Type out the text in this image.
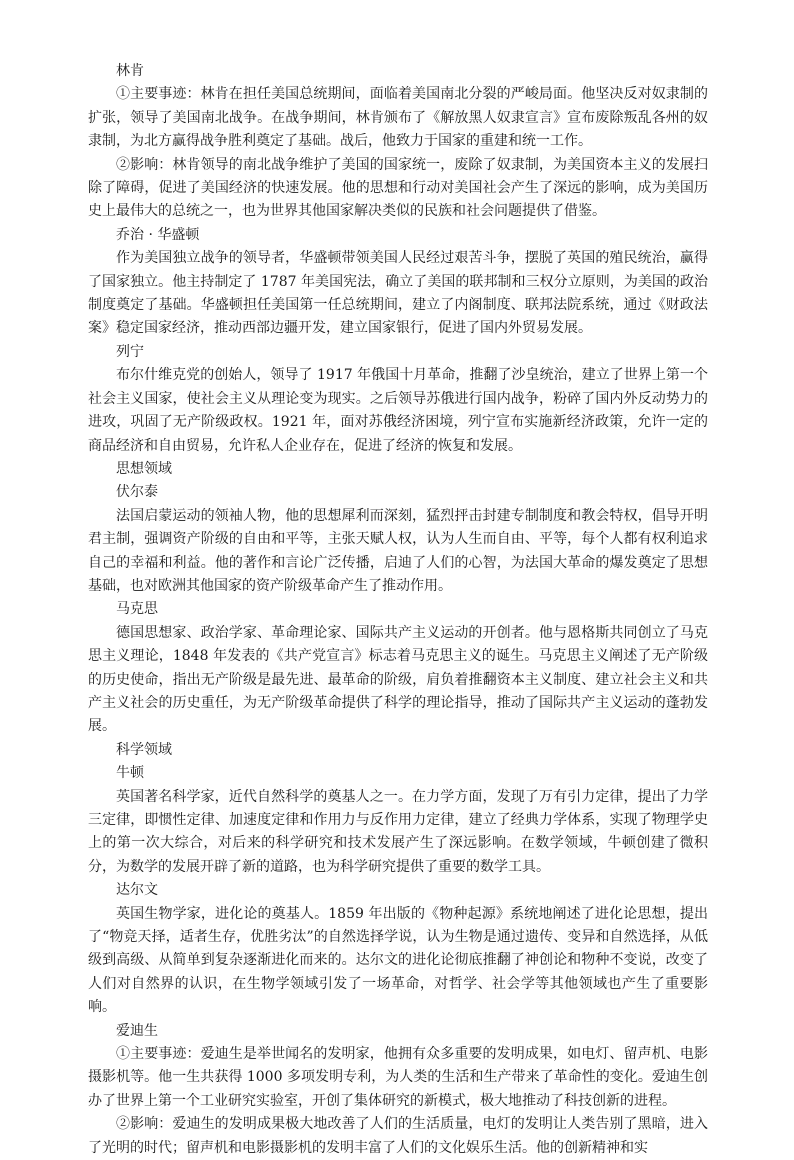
林肯

①主要事迹：林肯在担任美国总统期间，面临着美国南北分裂的严峻局面。他坚决反对奴隶制的扩张，领导了美国南北战争。在战争期间，林肯颁布了《解放黑人奴隶宣言》宣布废除叛乱各州的奴隶制，为北方赢得战争胜利奠定了基础。战后，他致力于国家的重建和统一工作。

②影响：林肯领导的南北战争维护了美国的国家统一，废除了奴隶制，为美国资本主义的发展扫除了障碍，促进了美国经济的快速发展。他的思想和行动对美国社会产生了深远的影响，成为美国历史上最伟大的总统之一，也为世界其他国家解决类似的民族和社会问题提供了借鉴。

乔治 · 华盛顿

作为美国独立战争的领导者，华盛顿带领美国人民经过艰苦斗争，摆脱了英国的殖民统治，赢得了国家独立。他主持制定了 1787 年美国宪法，确立了美国的联邦制和三权分立原则，为美国的政治制度奠定了基础。华盛顿担任美国第一任总统期间，建立了内阁制度、联邦法院系统，通过《财政法案》稳定国家经济，推动西部边疆开发，建立国家银行，促进了国内外贸易发展。

列宁

布尔什维克党的创始人，领导了 1917 年俄国十月革命，推翻了沙皇统治，建立了世界上第一个社会主义国家，使社会主义从理论变为现实。之后领导苏俄进行国内战争，粉碎了国内外反动势力的进攻，巩固了无产阶级政权。1921 年，面对苏俄经济困境，列宁宣布实施新经济政策，允许一定的商品经济和自由贸易，允许私人企业存在，促进了经济的恢复和发展。

思想领域
伏尔泰

法国启蒙运动的领袖人物，他的思想犀利而深刻，猛烈抨击封建专制制度和教会特权，倡导开明君主制，强调资产阶级的自由和平等，主张天赋人权，认为人生而自由、平等，每个人都有权利追求自己的幸福和利益。他的著作和言论广泛传播，启迪了人们的心智，为法国大革命的爆发奠定了思想基础，也对欧洲其他国家的资产阶级革命产生了推动作用。

马克思

德国思想家、政治学家、革命理论家、国际共产主义运动的开创者。他与恩格斯共同创立了马克思主义理论，1848 年发表的《共产党宣言》标志着马克思主义的诞生。马克思主义阐述了无产阶级的历史使命，指出无产阶级是最先进、最革命的阶级，肩负着推翻资本主义制度、建立社会主义和共产主义社会的历史重任，为无产阶级革命提供了科学的理论指导，推动了国际共产主义运动的蓬勃发展。

科学领域
牛顿

英国著名科学家，近代自然科学的奠基人之一。在力学方面，发现了万有引力定律，提出了力学三定律，即惯性定律、加速度定律和作用力与反作用力定律，建立了经典力学体系，实现了物理学史上的第一次大综合，对后来的科学研究和技术发展产生了深远影响。在数学领域，牛顿创建了微积分，为数学的发展开辟了新的道路，也为科学研究提供了重要的数学工具。

达尔文

英国生物学家，进化论的奠基人。1859 年出版的《物种起源》系统地阐述了进化论思想，提出了“物竞天择，适者生存，优胜劣汰”的自然选择学说，认为生物是通过遗传、变异和自然选择，从低级到高级、从简单到复杂逐渐进化而来的。达尔文的进化论彻底推翻了神创论和物种不变说，改变了人们对自然界的认识，在生物学领域引发了一场革命，对哲学、社会学等其他领域也产生了重要影响。

爱迪生

①主要事迹：爱迪生是举世闻名的发明家，他拥有众多重要的发明成果，如电灯、留声机、电影摄影机等。他一生共获得 1000 多项发明专利，为人类的生活和生产带来了革命性的变化。爱迪生创办了世界上第一个工业研究实验室，开创了集体研究的新模式，极大地推动了科技创新的进程。

②影响：爱迪生的发明成果极大地改善了人们的生活质量，电灯的发明让人类告别了黑暗，进入了光明的时代；留声机和电影摄影机的发明丰富了人们的文化娱乐生活。他的创新精神和实
